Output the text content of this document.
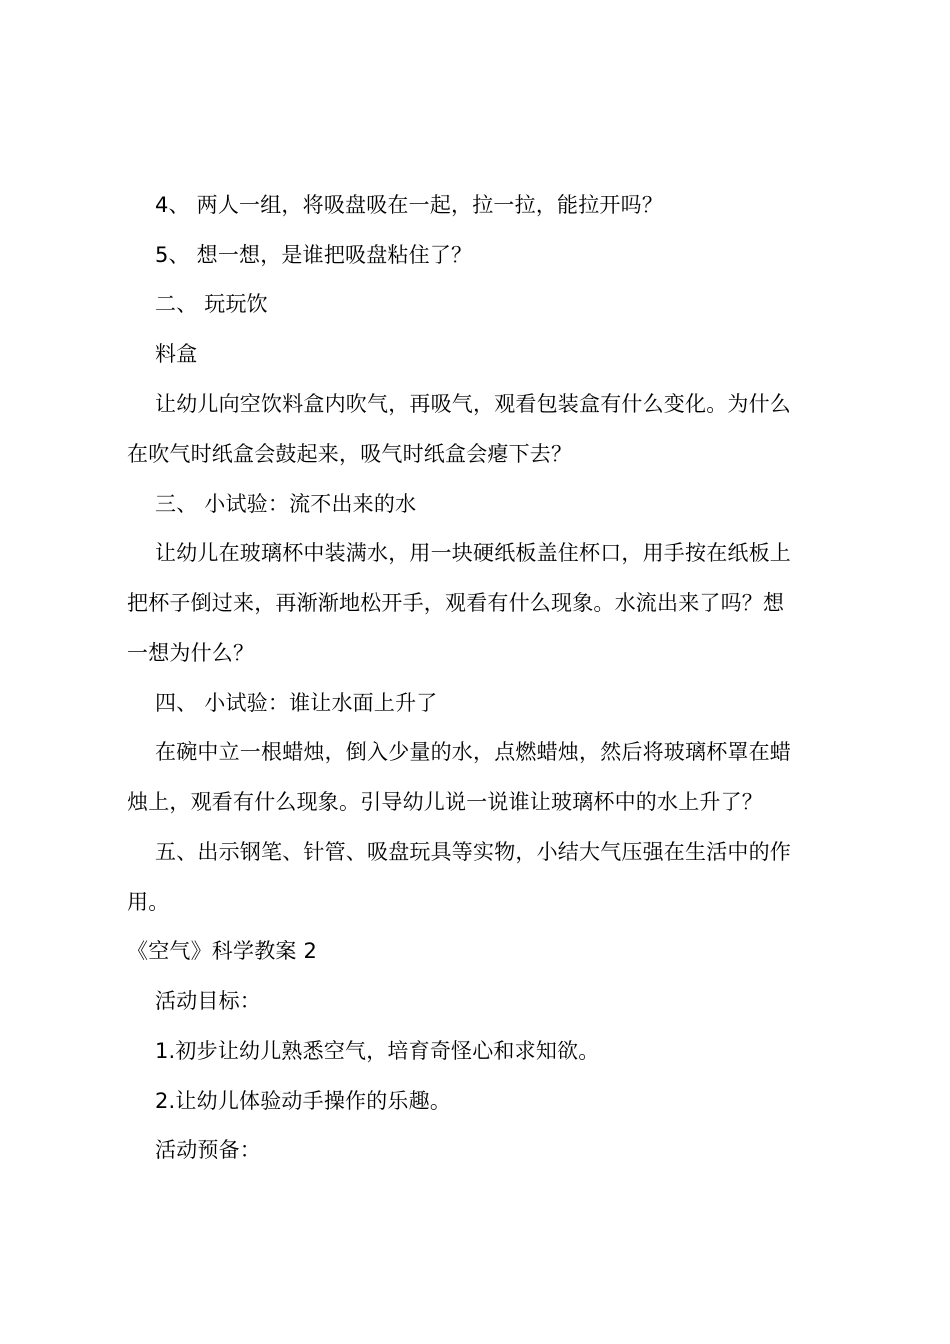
4、 两人一组，将吸盘吸在一起，拉一拉，能拉开吗？
5、 想一想，是谁把吸盘粘住了？
二、 玩玩饮
料盒
让幼儿向空饮料盒内吹气，再吸气，观看包装盒有什么变化。为什么
在吹气时纸盒会鼓起来，吸气时纸盒会瘪下去？
三、 小试验：流不出来的水
让幼儿在玻璃杯中装满水，用一块硬纸板盖住杯口，用手按在纸板上
把杯子倒过来，再渐渐地松开手，观看有什么现象。水流出来了吗？想
一想为什么？
四、 小试验：谁让水面上升了
在碗中立一根蜡烛，倒入少量的水，点燃蜡烛，然后将玻璃杯罩在蜡
烛上，观看有什么现象。引导幼儿说一说谁让玻璃杯中的水上升了？
五、出示钢笔、针管、吸盘玩具等实物，小结大气压强在生活中的作
用。
《空气》科学教案 2
活动目标：
1.初步让幼儿熟悉空气，培育奇怪心和求知欲。
2.让幼儿体验动手操作的乐趣。
活动预备：
